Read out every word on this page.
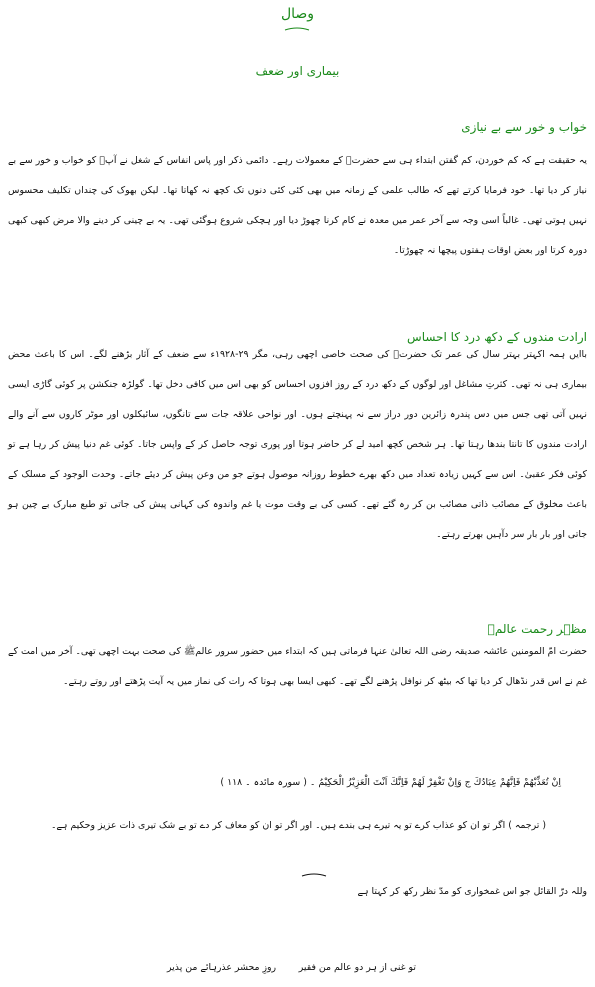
وصال
بیماری اور ضعف
خواب و خور سے بے نیازی

یہ حقیقت ہے کہ کم خوردن، کم گفتن ابتداء ہی سے حضرتؒ کے معمولات رہے۔ دائمی ذکر اور پاس انفاس کے شغل نے آپؒ کو خواب و خور سے بے نیاز کر دیا تھا۔ خود فرمایا کرتے تھے کہ طالب علمی کے زمانہ میں بھی کئی کئی دنوں تک کچھ نہ کھاتا تھا۔ لیکن بھوک کی چنداں تکلیف محسوس نہیں ہوتی تھی۔ غالباً اسی وجہ سے آخر عمر میں معدہ نے کام کرنا چھوڑ دیا اور ہچکی شروع ہوگئی تھی۔ یہ بے چینی کر دینے والا مرض کبھی کبھی دورہ کرتا اور بعض اوقات ہفتوں پیچھا نہ چھوڑتا۔

ارادت مندوں کے دکھ درد کا احساس

باایں ہمہ اکہتر بہتر سال کی عمر تک حضرتؒ کی صحت خاصی اچھی رہی، مگر ۲۹-۱۹۲۸ء سے ضعف کے آثار بڑھنے لگے۔ اس کا باعث محض بیماری ہی نہ تھی۔ کثرتِ مشاغل اور لوگوں کے دکھ درد کے روز افزوں احساس کو بھی اس میں کافی دخل تھا۔ گولڑہ جنکشن پر کوئی گاڑی ایسی نہیں آتی تھی جس میں دس پندرہ زائرین دور دراز سے نہ پہنچتے ہوں۔ اور نواحی علاقہ جات سے تانگوں، سائیکلوں اور موٹر کاروں سے آنے والے ارادت مندوں کا تانتا بندھا رہتا تھا۔ ہر شخص کچھ امید لے کر حاضر ہوتا اور پوری توجہ حاصل کر کے واپس جاتا۔ کوئی غم دنیا پیش کر رہا ہے تو کوئی فکر عقبیٰ۔ اس سے کہیں زیادہ تعداد میں دکھ بھرے خطوط روزانہ موصول ہوتے جو من وعن پیش کر دیئے جاتے۔ وحدت الوجود کے مسلک کے باعث مخلوق کے مصائب ذاتی مصائب بن کر رہ گئے تھے۔ کسی کی بے وقت موت یا غم واندوہ کی کہانی پیش کی جاتی تو طبع مبارک بے چین ہو جاتی اور بار بار سر دآہیں بھرتے رہتے۔

مظہر رحمت عالمؐ

حضرت امّ المومنین عائشہ صدیقہ رضی اللہ تعالیٰ عنہا فرماتی ہیں کہ ابتداء میں حضور سرور عالمﷺ کی صحت بہت اچھی تھی۔ آخر میں امت کے غم نے اس قدر نڈھال کر دیا تھا کہ بیٹھ کر نوافل پڑھنے لگے تھے۔ کبھی ایسا بھی ہوتا کہ رات کی نماز میں یہ آیت پڑھتے اور روتے رہتے۔

اِنْ تُعَذِّبْهُمْ فَاِنَّهُمْ عِبَادُكَ ج وَاِنْ تَغْفِرْ لَهُمْ فَاِنَّكَ اَنْتَ الْعَزِيْزُ الْحَكِيْمُ ۔ ( سورہ مائدہ ۔ ۱۱۸ )
( ترجمہ ) اگر تو ان کو عذاب کرے تو یہ تیرے ہی بندے ہیں۔ اور اگر تو ان کو معاف کر دے تو بے شک تیری ذات عزیز وحکیم ہے۔
وللہ درّ القائل جو اس غمخواری کو مدّ نظر رکھ کر کہتا ہے
تو غنی از ہر دو عالم من فقیر
روزِ محشر عذرہائے من پذیر
